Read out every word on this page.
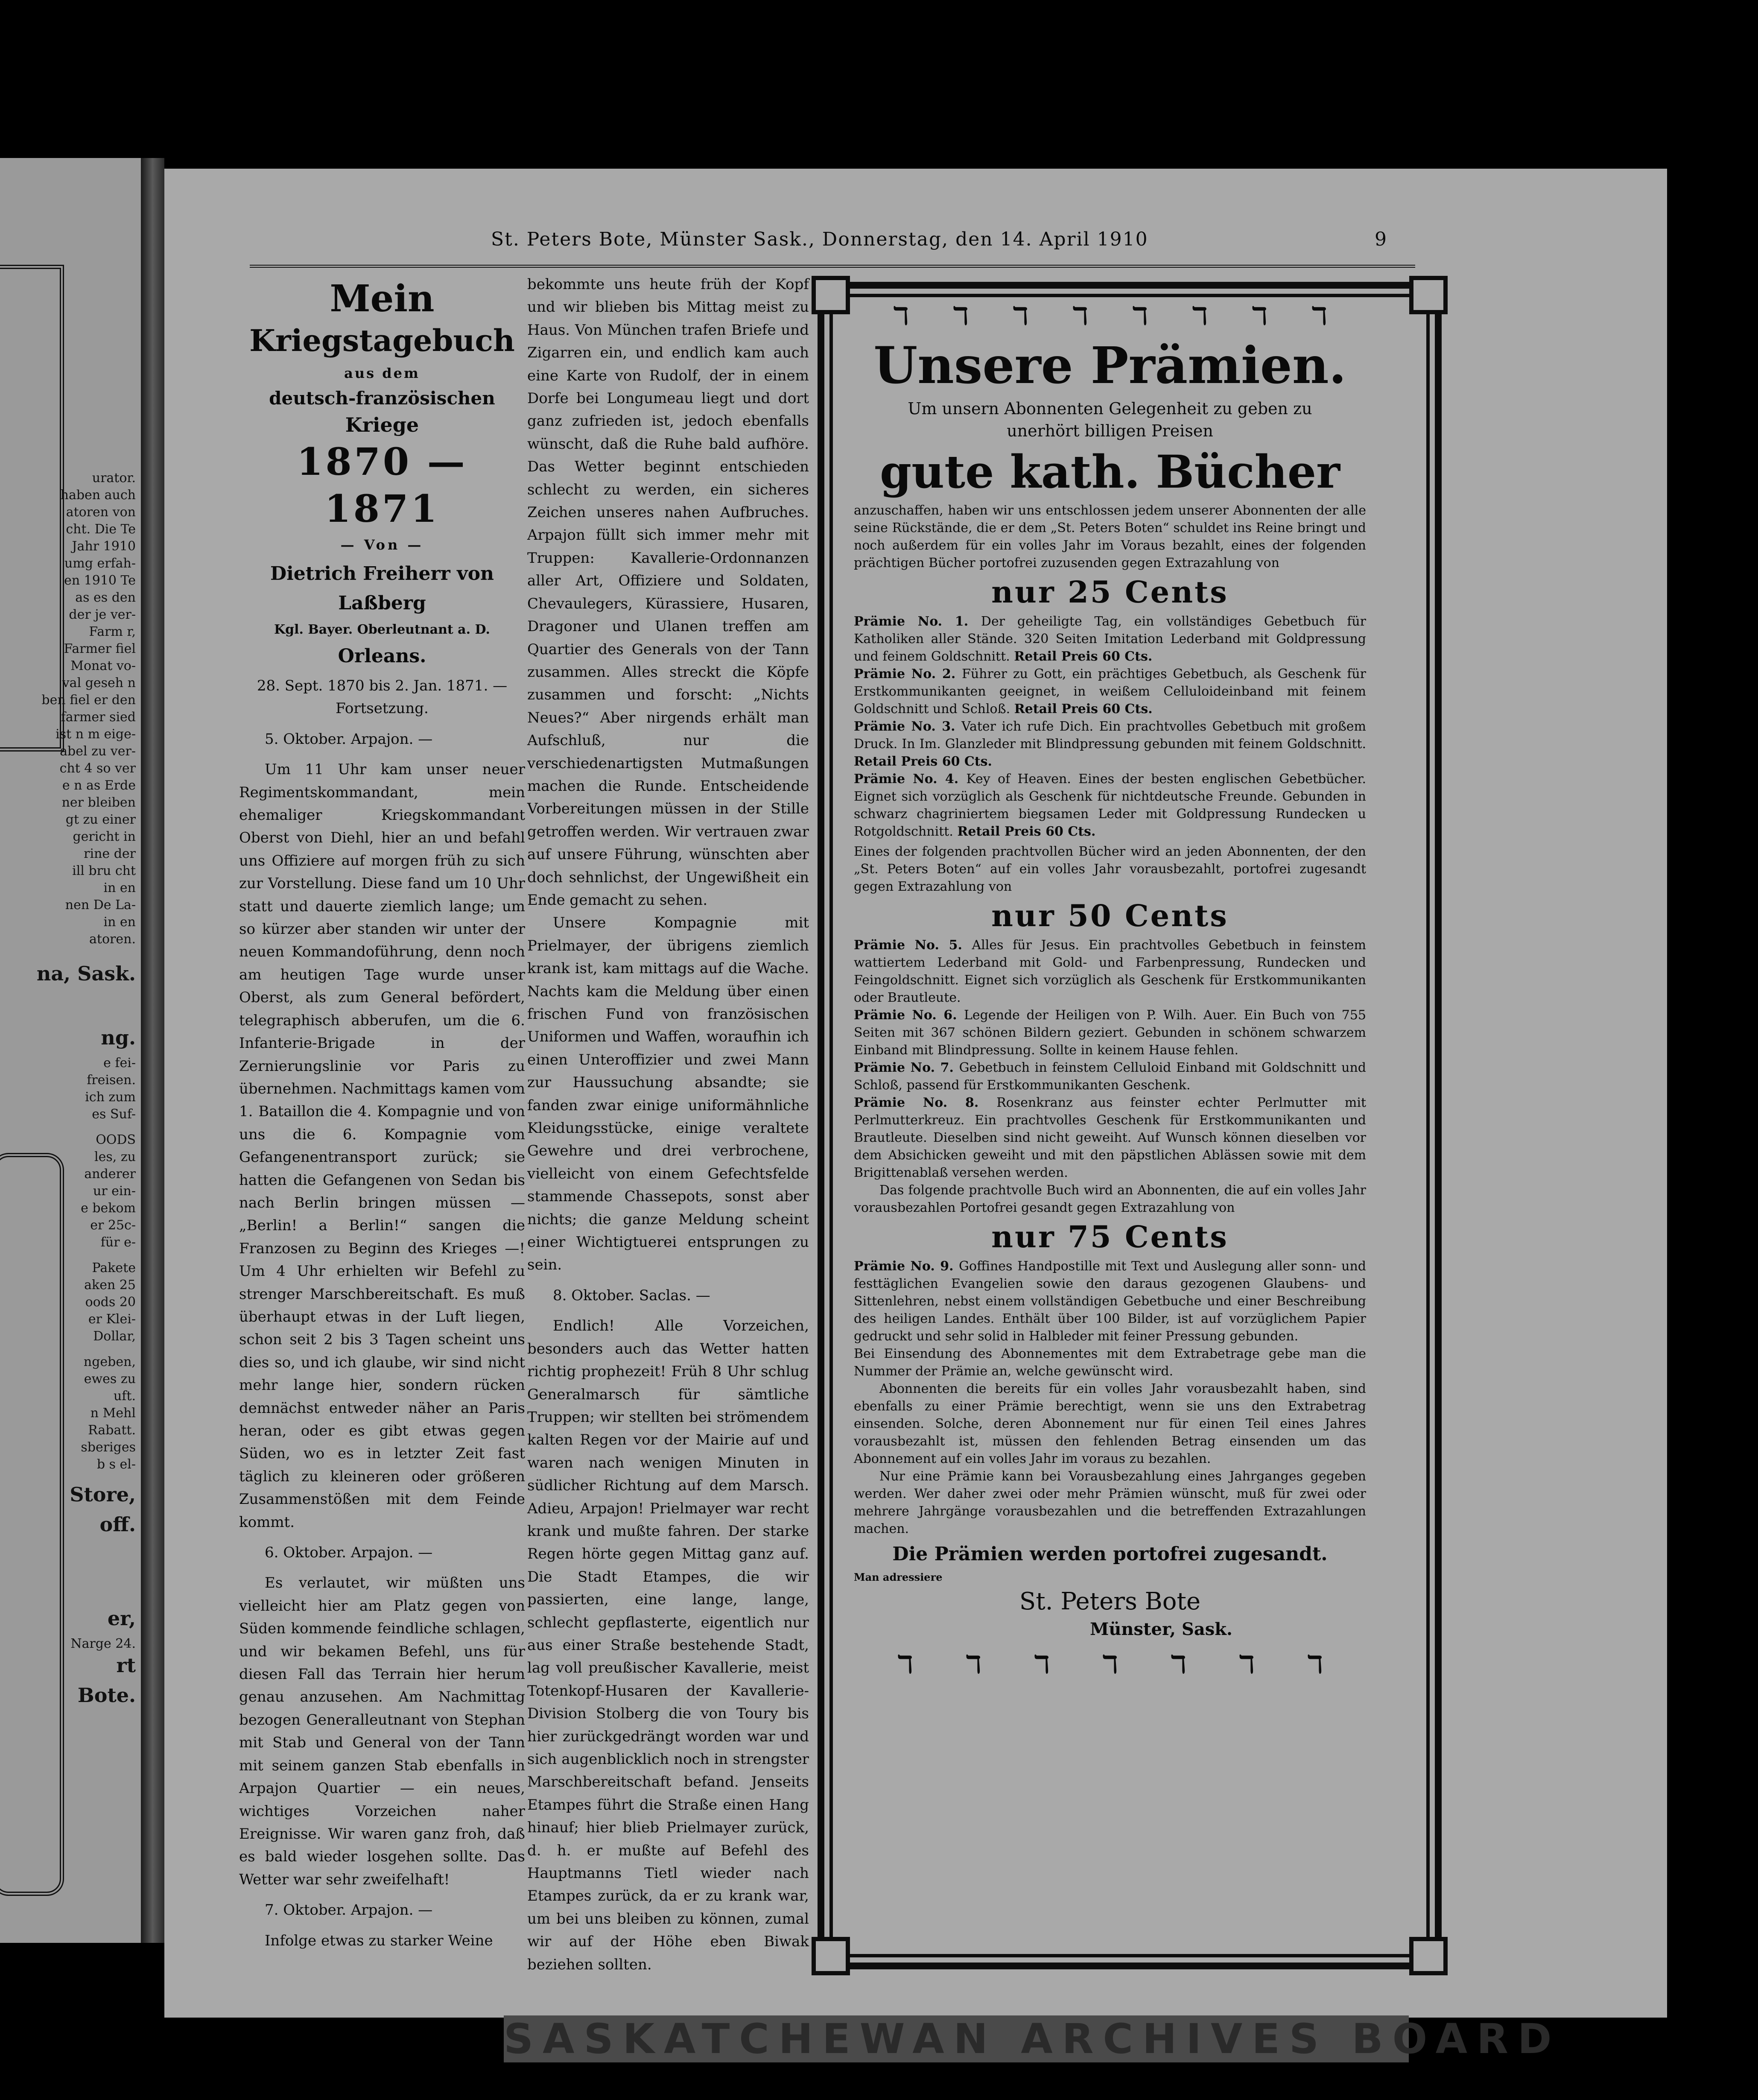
urator.
haben auch
atoren von
cht. Die Te
Jahr 1910
umg erfah-
en 1910 Te
as es den
der je ver-
Farm r,
Farmer fiel
Monat vo-
val geseh n
ben fiel er den
farmer sied
ist n m eige-
abel zu ver-
cht 4 so ver
e n as Erde
ner bleiben
gt zu einer
gericht in
rine der
ill bru cht
in en
nen De La-
in en
atoren.
na, Sask.
ng.
e fei-
freisen.
ich zum
es Suf-
OODS
les, zu
anderer
ur ein-
e bekom
er 25c-
für e-
Pakete
aken 25
oods 20
er Klei-
Dollar,
ngeben,
ewes zu
uft.
n Mehl
Rabatt.
sberiges
b s el-
Store,
off.
er,
Narge 24.
rt
Bote.
St. Peters Bote, Münster Sask., Donnerstag, den 14. April 1910	9

Mein

Kriegstagebuch

aus dem

deutsch-französischen

Kriege

1870 — 1871

— Von —

Dietrich Freiherr von

Laßberg

Kgl. Bayer. Oberleutnant a. D.

Orleans.

28. Sept. 1870 bis 2. Jan. 1871. —

Fortsetzung.

5. Oktober. Arpajon. —

Um 11 Uhr kam unser neuer Regimentskommandant, mein ehemaliger Kriegskommandant Oberst von Diehl, hier an und befahl uns Offiziere auf morgen früh zu sich zur Vorstellung. Diese fand um 10 Uhr statt und dauerte ziemlich lange; um so kürzer aber standen wir unter der neuen Kommandoführung, denn noch am heutigen Tage wurde unser Oberst, als zum General befördert, telegraphisch abberufen, um die 6. Infanterie-Brigade in der Zernierungslinie vor Paris zu übernehmen. Nachmittags kamen vom 1. Bataillon die 4. Kompagnie und von uns die 6. Kompagnie vom Gefangenentransport zurück; sie hatten die Gefangenen von Sedan bis nach Berlin bringen müssen — „Berlin! a Berlin!“ sangen die Franzosen zu Beginn des Krieges —! Um 4 Uhr erhielten wir Befehl zu strenger Marschbereitschaft. Es muß überhaupt etwas in der Luft liegen, schon seit 2 bis 3 Tagen scheint uns dies so, und ich glaube, wir sind nicht mehr lange hier, sondern rücken demnächst entweder näher an Paris heran, oder es gibt etwas gegen Süden, wo es in letzter Zeit fast täglich zu kleineren oder größeren Zusammenstößen mit dem Feinde kommt.

6. Oktober. Arpajon. —

Es verlautet, wir müßten uns vielleicht hier am Platz gegen von Süden kommende feindliche schlagen, und wir bekamen Befehl, uns für diesen Fall das Terrain hier herum genau anzusehen. Am Nachmittag bezogen Generalleutnant von Stephan mit Stab und General von der Tann mit seinem ganzen Stab ebenfalls in Arpajon Quartier — ein neues, wichtiges Vorzeichen naher Ereignisse. Wir waren ganz froh, daß es bald wieder losgehen sollte. Das Wetter war sehr zweifelhaft!

7. Oktober. Arpajon. —

Infolge etwas zu starker Weine

bekommte uns heute früh der Kopf und wir blieben bis Mittag meist zu Haus. Von München trafen Briefe und Zigarren ein, und endlich kam auch eine Karte von Rudolf, der in einem Dorfe bei Longumeau liegt und dort ganz zufrieden ist, jedoch ebenfalls wünscht, daß die Ruhe bald aufhöre. Das Wetter beginnt entschieden schlecht zu werden, ein sicheres Zeichen unseres nahen Aufbruches. Arpajon füllt sich immer mehr mit Truppen: Kavallerie-Ordonnanzen aller Art, Offiziere und Soldaten, Chevaulegers, Kürassiere, Husaren, Dragoner und Ulanen treffen am Quartier des Generals von der Tann zusammen. Alles streckt die Köpfe zusammen und forscht: „Nichts Neues?“ Aber nirgends erhält man Aufschluß, nur die verschiedenartigsten Mutmaßungen machen die Runde. Entscheidende Vorbereitungen müssen in der Stille getroffen werden. Wir vertrauen zwar auf unsere Führung, wünschten aber doch sehnlichst, der Ungewißheit ein Ende gemacht zu sehen.

Unsere Kompagnie mit Prielmayer, der übrigens ziemlich krank ist, kam mittags auf die Wache. Nachts kam die Meldung über einen frischen Fund von französischen Uniformen und Waffen, woraufhin ich einen Unteroffizier und zwei Mann zur Haussuchung absandte; sie fanden zwar einige uniformähnliche Kleidungsstücke, einige veraltete Gewehre und drei verbrochene, vielleicht von einem Gefechtsfelde stammende Chassepots, sonst aber nichts; die ganze Meldung scheint einer Wichtigtuerei entsprungen zu sein.

8. Oktober. Saclas. —

Endlich! Alle Vorzeichen, besonders auch das Wetter hatten richtig prophezeit! Früh 8 Uhr schlug Generalmarsch für sämtliche Truppen; wir stellten bei strömendem kalten Regen vor der Mairie auf und waren nach wenigen Minuten in südlicher Richtung auf dem Marsch. Adieu, Arpajon! Prielmayer war recht krank und mußte fahren. Der starke Regen hörte gegen Mittag ganz auf. Die Stadt Etampes, die wir passierten, eine lange, lange, schlecht gepflasterte, eigentlich nur aus einer Straße bestehende Stadt, lag voll preußischer Kavallerie, meist Totenkopf-Husaren der Kavallerie-Division Stolberg die von Toury bis hier zurückgedrängt worden war und sich augenblicklich noch in strengster Marschbereitschaft befand. Jenseits Etampes führt die Straße einen Hang hinauf; hier blieb Prielmayer zurück, d. h. er mußte auf Befehl des Hauptmanns Tietl wieder nach Etampes zurück, da er zu krank war, um bei uns bleiben zu können, zumal wir auf der Höhe eben Biwak beziehen sollten.

ℸ ℸ ℸ ℸ ℸ ℸ ℸ ℸ

Unsere Prämien.

Um unsern Abonnenten Gelegenheit zu geben zu unerhört billigen Preisen

gute kath. Bücher

anzuschaffen, haben wir uns entschlossen jedem unserer Abonnenten der alle seine Rückstände, die er dem „St. Peters Boten“ schuldet ins Reine bringt und noch außerdem für ein volles Jahr im Voraus bezahlt, eines der folgenden prächtigen Bücher portofrei zuzusenden gegen Extrazahlung von

nur 25 Cents

Prämie No. 1. Der geheiligte Tag, ein vollständiges Gebetbuch für Katholiken aller Stände. 320 Seiten Imitation Lederband mit Goldpressung und feinem Goldschnitt. Retail Preis 60 Cts.

Prämie No. 2. Führer zu Gott, ein prächtiges Gebetbuch, als Geschenk für Erstkommunikanten geeignet, in weißem Celluloideinband mit feinem Goldschnitt und Schloß. Retail Preis 60 Cts.

Prämie No. 3. Vater ich rufe Dich. Ein prachtvolles Gebetbuch mit großem Druck. In Im. Glanzleder mit Blindpressung gebunden mit feinem Goldschnitt. Retail Preis 60 Cts.

Prämie No. 4. Key of Heaven. Eines der besten englischen Gebetbücher. Eignet sich vorzüglich als Geschenk für nichtdeutsche Freunde. Gebunden in schwarz chagriniertem biegsamen Leder mit Goldpressung Rundecken u Rotgoldschnitt. Retail Preis 60 Cts.

Eines der folgenden prachtvollen Bücher wird an jeden Abonnenten, der den „St. Peters Boten“ auf ein volles Jahr vorausbezahlt, portofrei zugesandt gegen Extrazahlung von

nur 50 Cents

Prämie No. 5. Alles für Jesus. Ein prachtvolles Gebetbuch in feinstem wattiertem Lederband mit Gold- und Farbenpressung, Rundecken und Feingoldschnitt. Eignet sich vorzüglich als Geschenk für Erstkommunikanten oder Brautleute.

Prämie No. 6. Legende der Heiligen von P. Wilh. Auer. Ein Buch von 755 Seiten mit 367 schönen Bildern geziert. Gebunden in schönem schwarzem Einband mit Blindpressung. Sollte in keinem Hause fehlen.

Prämie No. 7. Gebetbuch in feinstem Celluloid Einband mit Goldschnitt und Schloß, passend für Erstkommunikanten Geschenk.

Prämie No. 8. Rosenkranz aus feinster echter Perlmutter mit Perlmutterkreuz. Ein prachtvolles Geschenk für Erstkommunikanten und Brautleute. Dieselben sind nicht geweiht. Auf Wunsch können dieselben vor dem Absichicken geweiht und mit den päpstlichen Ablässen sowie mit dem Brigittenablaß versehen werden.

Das folgende prachtvolle Buch wird an Abonnenten, die auf ein volles Jahr vorausbezahlen Portofrei gesandt gegen Extrazahlung von

nur 75 Cents

Prämie No. 9. Goffines Handpostille mit Text und Auslegung aller sonn- und festtäglichen Evangelien sowie den daraus gezogenen Glaubens- und Sittenlehren, nebst einem vollständigen Gebetbuche und einer Beschreibung des heiligen Landes. Enthält über 100 Bilder, ist auf vorzüglichem Papier gedruckt und sehr solid in Halbleder mit feiner Pressung gebunden.

Bei Einsendung des Abonnementes mit dem Extrabetrage gebe man die Nummer der Prämie an, welche gewünscht wird.

Abonnenten die bereits für ein volles Jahr vorausbezahlt haben, sind ebenfalls zu einer Prämie berechtigt, wenn sie uns den Extrabetrag einsenden. Solche, deren Abonnement nur für einen Teil eines Jahres vorausbezahlt ist, müssen den fehlenden Betrag einsenden um das Abonnement auf ein volles Jahr im voraus zu bezahlen.

Nur eine Prämie kann bei Vorausbezahlung eines Jahrganges gegeben werden. Wer daher zwei oder mehr Prämien wünscht, muß für zwei oder mehrere Jahrgänge vorausbezahlen und die betreffenden Extrazahlungen machen.

Die Prämien werden portofrei zugesandt.

Man adressiere

St. Peters Bote

Münster, Sask.

ℸ ℸ ℸ ℸ ℸ ℸ ℸ
SASKATCHEWAN ARCHIVES BOARD
